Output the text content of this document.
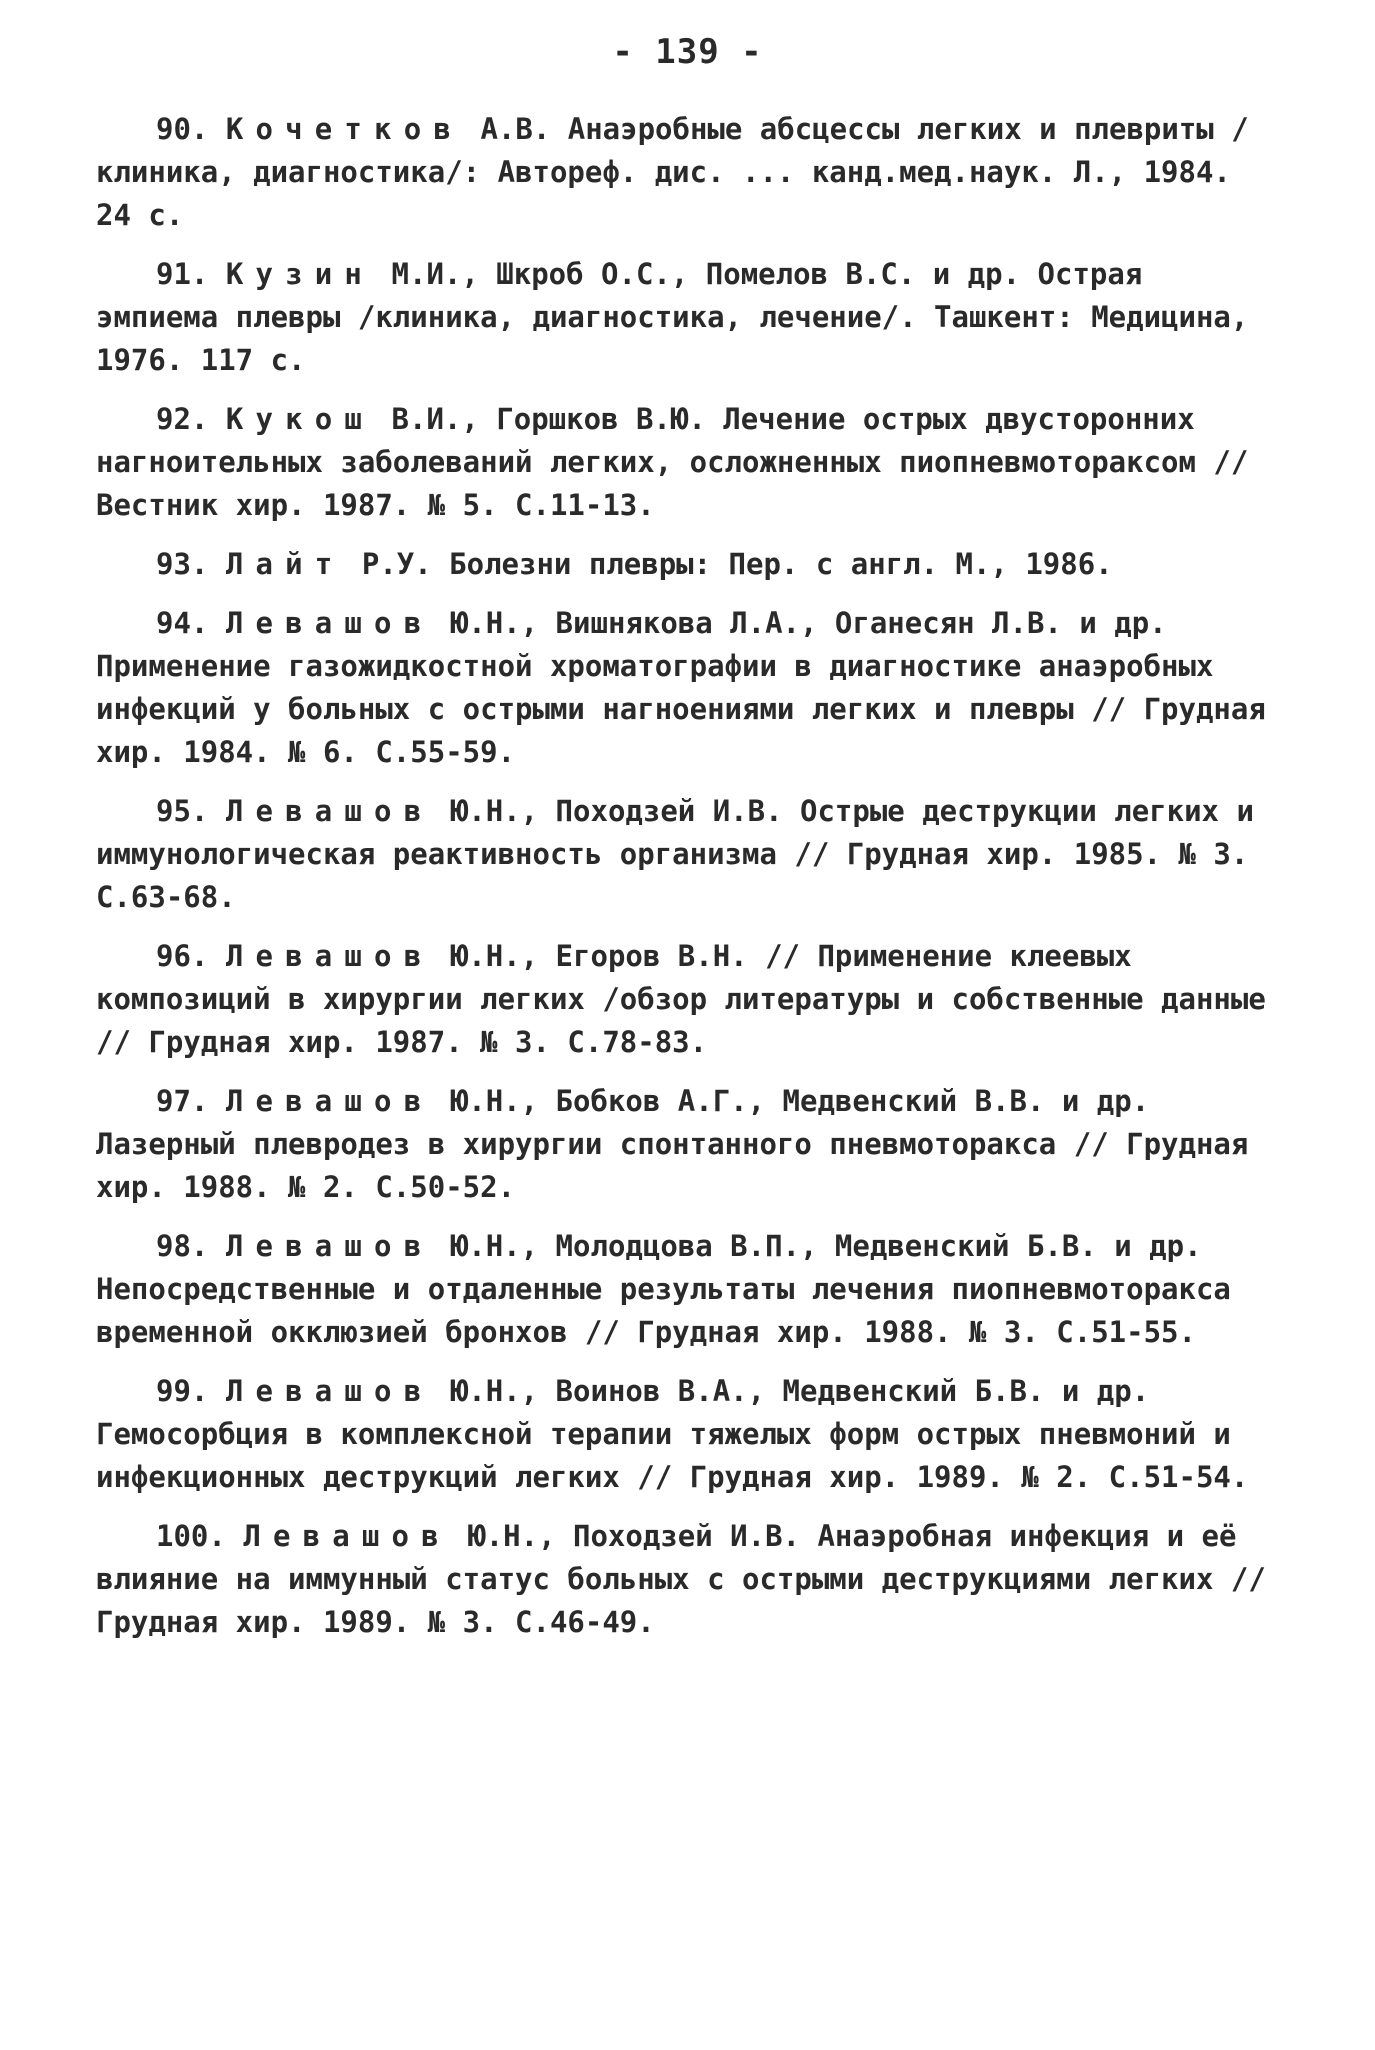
- 139 -

90. Кочетков А.В. Анаэробные абсцессы легких и плевриты /клиника, диагностика/: Автореф. дис. ... канд.мед.наук. Л., 1984. 24 с.

91. Кузин М.И., Шкроб О.С., Помелов В.С. и др. Острая эмпиема плевры /клиника, диагностика, лечение/. Ташкент: Медицина, 1976. 117 с.

92. Кукош В.И., Горшков В.Ю. Лечение острых двусторонних нагноительных заболеваний легких, осложненных пиопневмотораксом // Вестник хир. 1987. № 5. С.11-13.

93. Лайт Р.У. Болезни плевры: Пер. с англ. М., 1986.

94. Левашов Ю.Н., Вишнякова Л.А., Оганесян Л.В. и др. Применение газожидкостной хроматографии в диагностике анаэробных инфекций у больных с острыми нагноениями легких и плевры // Грудная хир. 1984. № 6. С.55-59.

95. Левашов Ю.Н., Походзей И.В. Острые деструкции легких и иммунологическая реактивность организма // Грудная хир. 1985. № 3. С.63-68.

96. Левашов Ю.Н., Егоров В.Н. // Применение клеевых композиций в хирургии легких /обзор литературы и собственные данные // Грудная хир. 1987. № 3. С.78-83.

97. Левашов Ю.Н., Бобков А.Г., Медвенский В.В. и др. Лазерный плевродез в хирургии спонтанного пневмоторакса // Грудная хир. 1988. № 2. С.50-52.

98. Левашов Ю.Н., Молодцова В.П., Медвенский Б.В. и др. Непосредственные и отдаленные результаты лечения пиопневмоторакса временной окклюзией бронхов // Грудная хир. 1988. № 3. С.51-55.

99. Левашов Ю.Н., Воинов В.А., Медвенский Б.В. и др. Гемосорбция в комплексной терапии тяжелых форм острых пневмоний и инфекционных деструкций легких // Грудная хир. 1989. № 2. С.51-54.

100. Левашов Ю.Н., Походзей И.В. Анаэробная инфекция и её влияние на иммунный статус больных с острыми деструкциями легких // Грудная хир. 1989. № 3. С.46-49.
